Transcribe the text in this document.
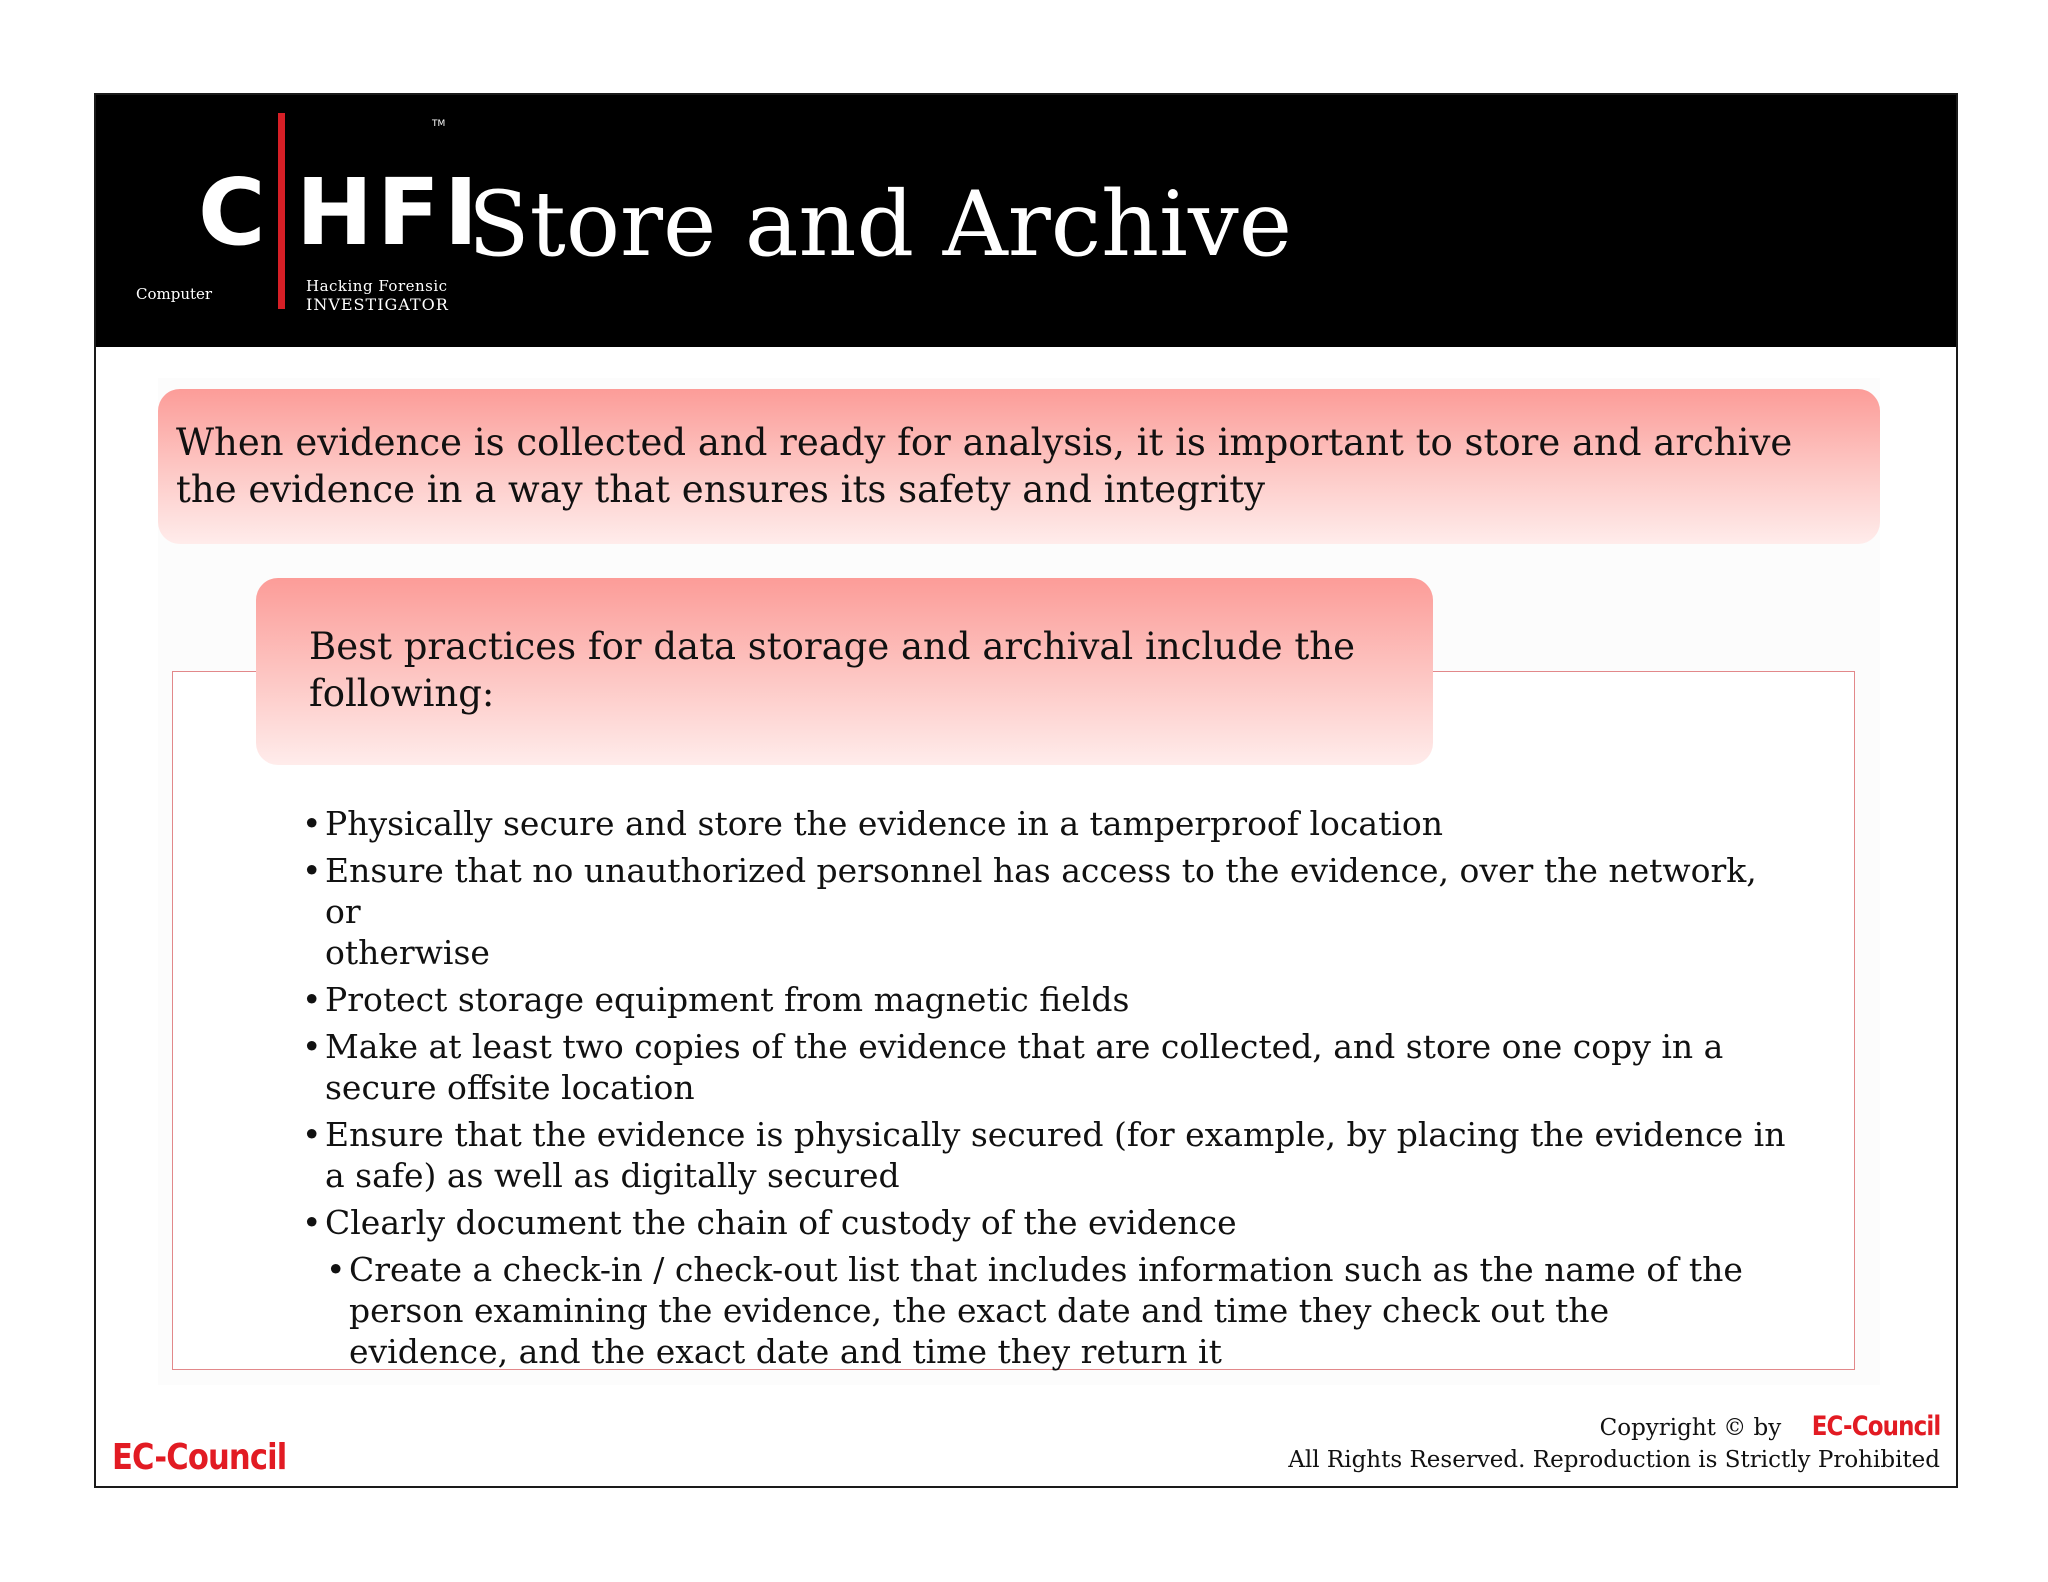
C HFI
TM
Computer	Hacking Forensic
INVESTIGATOR
Store and Archive
When evidence is collected and ready for analysis, it is important to store and archive the evidence in a way that ensures its safety and integrity
Best practices for data storage and archival include the following:
• Physically secure and store the evidence in a tamperproof location
• Ensure that no unauthorized personnel has access to the evidence, over the network, or
otherwise
• Protect storage equipment from magnetic fields
• Make at least two copies of the evidence that are collected, and store one copy in a
secure offsite location
• Ensure that the evidence is physically secured (for example, by placing the evidence in
a safe) as well as digitally secured
• Clearly document the chain of custody of the evidence
• Create a check-in / check-out list that includes information such as the name of the person examining the evidence, the exact date and time they check out the evidence, and the exact date and time they return it
EC-Council
Copyright © by EC-Council
All Rights Reserved. Reproduction is Strictly Prohibited
